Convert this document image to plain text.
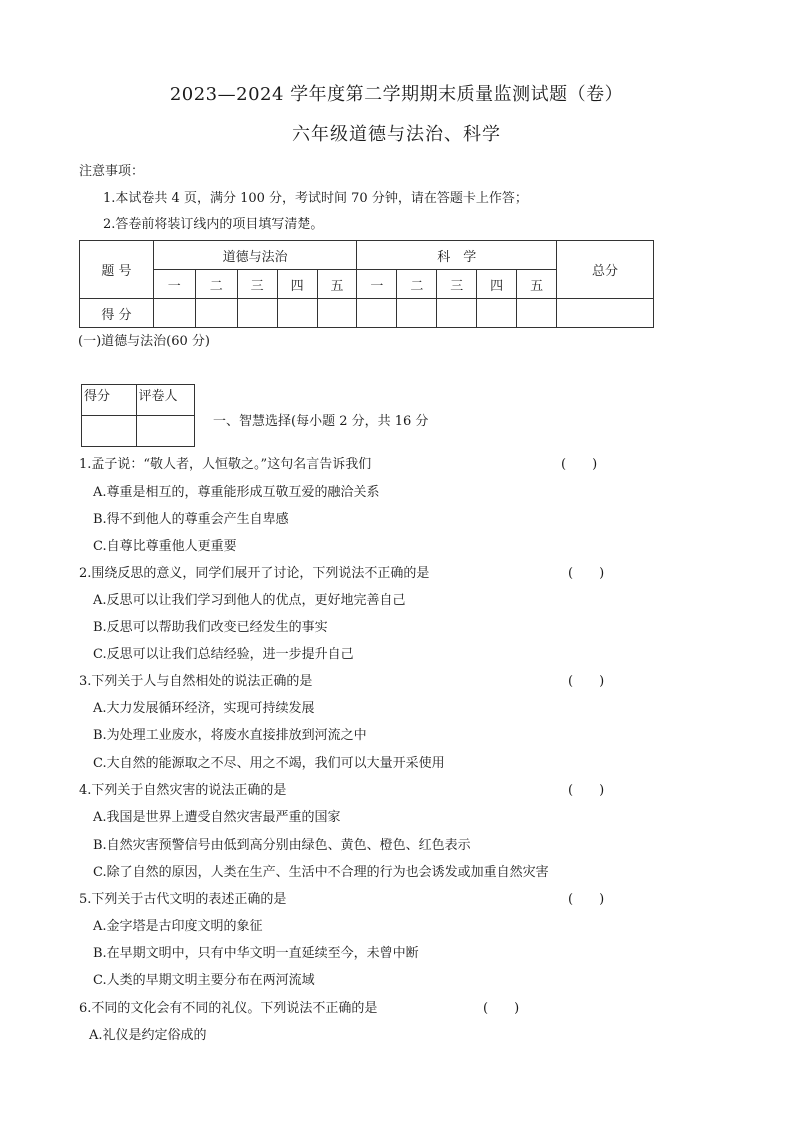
2023—2024 学年度第二学期期末质量监测试题（卷）
六年级道德与法治、科学
注意事项：
1.本试卷共 4 页，满分 100 分，考试时间 70 分钟，请在答题卡上作答；
2.答卷前将装订线内的项目填写清楚。
题 号	道德与法治					科　学					总分
	一	二	三	四	五	一	二	三	四	五	
得 分											
(一)道德与法治(60 分)
得分	评卷人

一、智慧选择(每小题 2 分，共 16 分
1.孟子说：“敬人者，人恒敬之。”这句名言告诉我们	(　　)
A.尊重是相互的，尊重能形成互敬互爱的融洽关系
B.得不到他人的尊重会产生自卑感
C.自尊比尊重他人更重要
2.围绕反思的意义，同学们展开了讨论，下列说法不正确的是	(　　)
A.反思可以让我们学习到他人的优点，更好地完善自己
B.反思可以帮助我们改变已经发生的事实
C.反思可以让我们总结经验，进一步提升自己
3.下列关于人与自然相处的说法正确的是	(　　)
A.大力发展循环经济，实现可持续发展
B.为处理工业废水，将废水直接排放到河流之中
C.大自然的能源取之不尽、用之不竭，我们可以大量开采使用
4.下列关于自然灾害的说法正确的是	(　　)
A.我国是世界上遭受自然灾害最严重的国家
B.自然灾害预警信号由低到高分别由绿色、黄色、橙色、红色表示
C.除了自然的原因，人类在生产、生活中不合理的行为也会诱发或加重自然灾害
5.下列关于古代文明的表述正确的是	(　　)
A.金字塔是古印度文明的象征
B.在早期文明中，只有中华文明一直延续至今，未曾中断
C.人类的早期文明主要分布在两河流域
6.不同的文化会有不同的礼仪。下列说法不正确的是	(　　)
A.礼仪是约定俗成的
